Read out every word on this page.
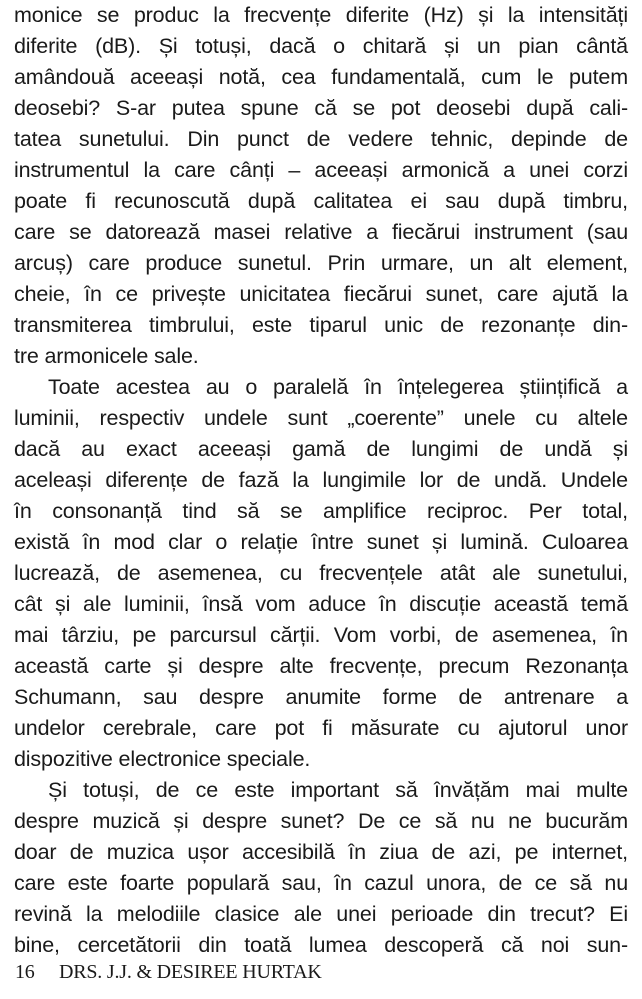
monice se produc la frecvențe diferite (Hz) și la intensități
diferite (dB). Și totuși, dacă o chitară și un pian cântă
amândouă aceeași notă, cea fundamentală, cum le putem
deosebi? S-ar putea spune că se pot deosebi după cali-
tatea sunetului. Din punct de vedere tehnic, depinde de
instrumentul la care cânți – aceeași armonică a unei corzi
poate fi recunoscută după calitatea ei sau după timbru,
care se datorează masei relative a fiecărui instrument (sau
arcuș) care produce sunetul. Prin urmare, un alt element,
cheie, în ce privește unicitatea fiecărui sunet, care ajută la
transmiterea timbrului, este tiparul unic de rezonanțe din-
tre armonicele sale.
Toate acestea au o paralelă în înțelegerea științifică a
luminii, respectiv undele sunt „coerente” unele cu altele
dacă au exact aceeași gamă de lungimi de undă și
aceleași diferențe de fază la lungimile lor de undă. Undele
în consonanță tind să se amplifice reciproc. Per total,
există în mod clar o relație între sunet și lumină. Culoarea
lucrează, de asemenea, cu frecvențele atât ale sunetului,
cât și ale luminii, însă vom aduce în discuție această temă
mai târziu, pe parcursul cărții. Vom vorbi, de asemenea, în
această carte și despre alte frecvențe, precum Rezonanța
Schumann, sau despre anumite forme de antrenare a
undelor cerebrale, care pot fi măsurate cu ajutorul unor
dispozitive electronice speciale.
Și totuși, de ce este important să învățăm mai multe
despre muzică și despre sunet? De ce să nu ne bucurăm
doar de muzica ușor accesibilă în ziua de azi, pe internet,
care este foarte populară sau, în cazul unora, de ce să nu
revină la melodiile clasice ale unei perioade din trecut? Ei
bine, cercetătorii din toată lumea descoperă că noi sun-
16 DRS. J.J. & DESIREE HURTAK
